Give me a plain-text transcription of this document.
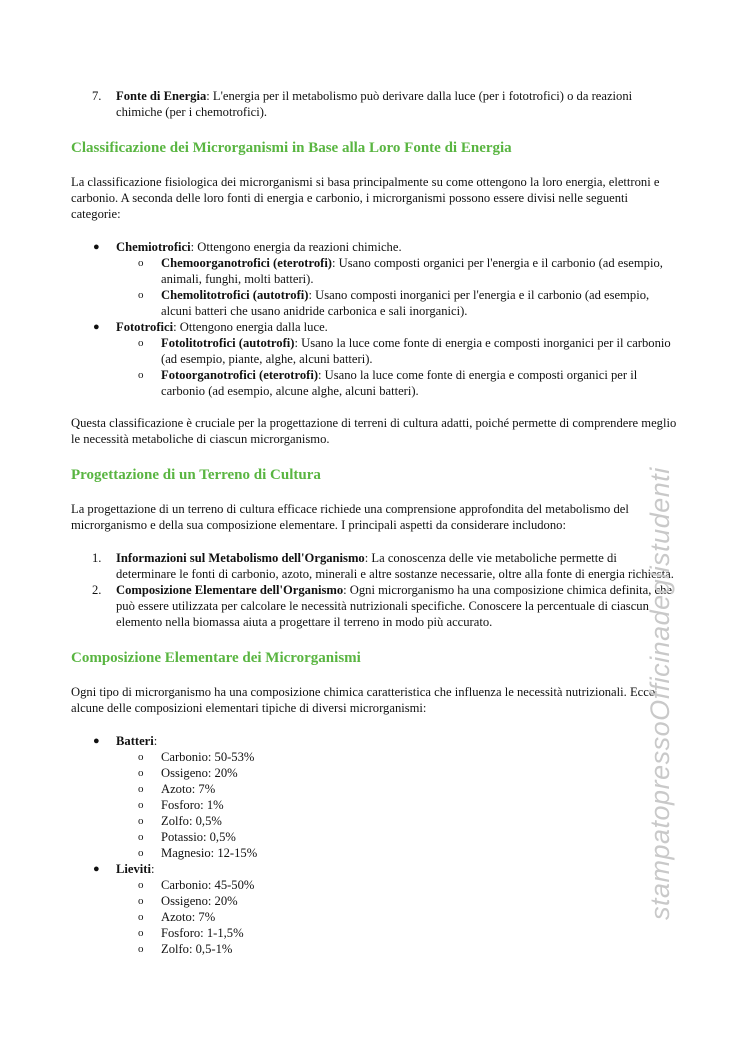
7. Fonte di Energia: L'energia per il metabolismo può derivare dalla luce (per i fototrofici) o da reazioni chimiche (per i chemotrofici).
Classificazione dei Microrganismi in Base alla Loro Fonte di Energia

La classificazione fisiologica dei microrganismi si basa principalmente su come ottengono la loro energia, elettroni e carbonio. A seconda delle loro fonti di energia e carbonio, i microrganismi possono essere divisi nelle seguenti categorie:

● Chemiotrofici: Ottengono energia da reazioni chimiche.
o Chemoorganotrofici (eterotrofi): Usano composti organici per l'energia e il carbonio (ad esempio, animali, funghi, molti batteri).
o Chemolitotrofici (autotrofi): Usano composti inorganici per l'energia e il carbonio (ad esempio, alcuni batteri che usano anidride carbonica e sali inorganici).
● Fototrofici: Ottengono energia dalla luce.
o Fotolitotrofici (autotrofi): Usano la luce come fonte di energia e composti inorganici per il carbonio (ad esempio, piante, alghe, alcuni batteri).
o Fotoorganotrofici (eterotrofi): Usano la luce come fonte di energia e composti organici per il carbonio (ad esempio, alcune alghe, alcuni batteri).

Questa classificazione è cruciale per la progettazione di terreni di cultura adatti, poiché permette di comprendere meglio le necessità metaboliche di ciascun microrganismo.

Progettazione di un Terreno di Cultura

La progettazione di un terreno di cultura efficace richiede una comprensione approfondita del metabolismo del microrganismo e della sua composizione elementare. I principali aspetti da considerare includono:

1. Informazioni sul Metabolismo dell'Organismo: La conoscenza delle vie metaboliche permette di determinare le fonti di carbonio, azoto, minerali e altre sostanze necessarie, oltre alla fonte di energia richiesta.
2. Composizione Elementare dell'Organismo: Ogni microrganismo ha una composizione chimica definita, che può essere utilizzata per calcolare le necessità nutrizionali specifiche. Conoscere la percentuale di ciascun elemento nella biomassa aiuta a progettare il terreno in modo più accurato.
Composizione Elementare dei Microrganismi

Ogni tipo di microrganismo ha una composizione chimica caratteristica che influenza le necessità nutrizionali. Ecco alcune delle composizioni elementari tipiche di diversi microrganismi:

● Batteri:
o Carbonio: 50-53%
o Ossigeno: 20%
o Azoto: 7%
o Fosforo: 1%
o Zolfo: 0,5%
o Potassio: 0,5%
o Magnesio: 12-15%
● Lieviti:
o Carbonio: 45-50%
o Ossigeno: 20%
o Azoto: 7%
o Fosforo: 1-1,5%
o Zolfo: 0,5-1%
stampatopressoOfficinadeglistudenti
